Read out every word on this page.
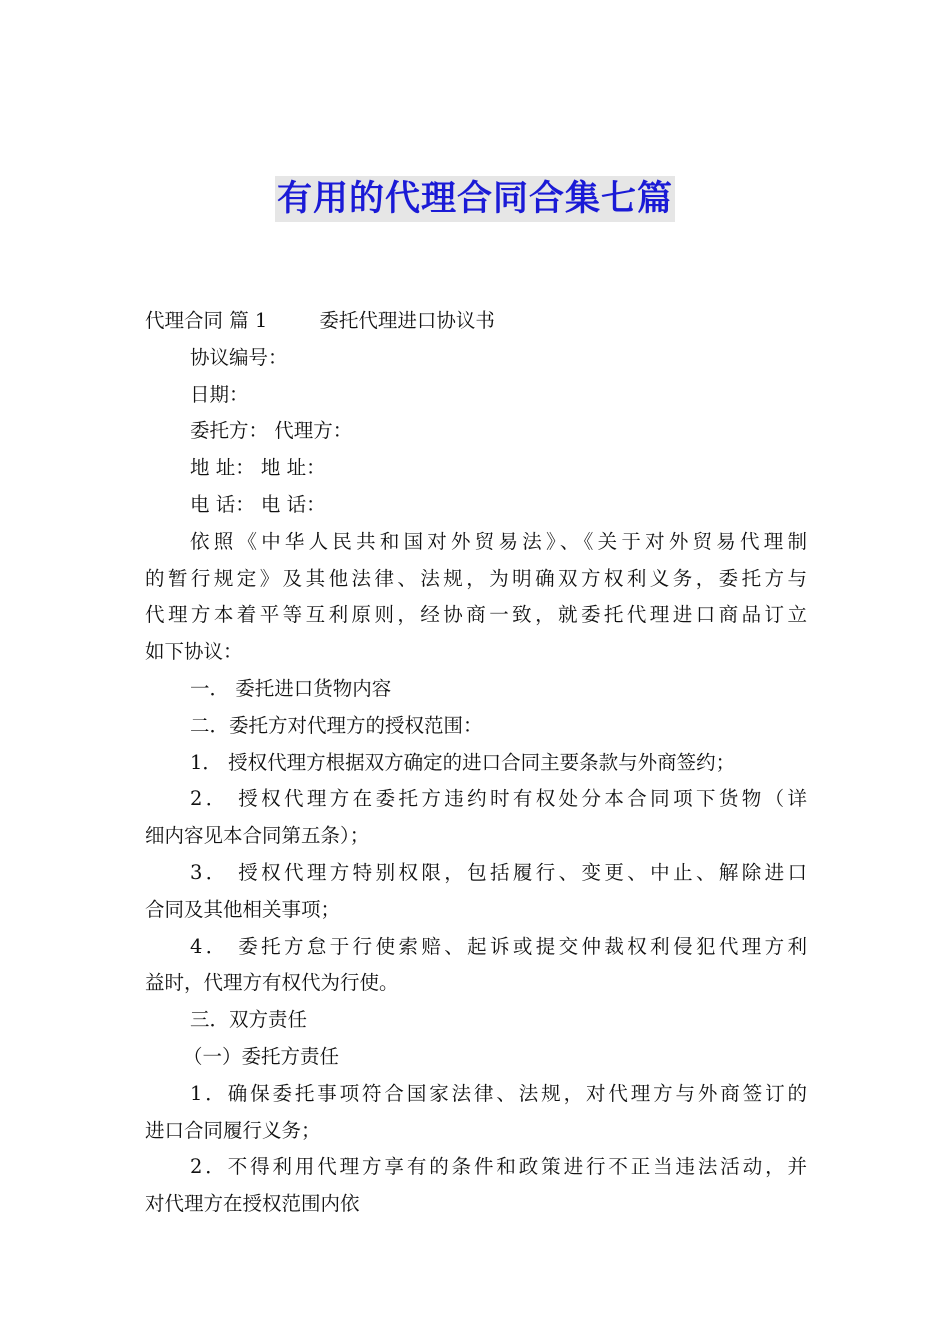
有用的代理合同合集七篇
代理合同 篇 1	委托代理进口协议书
协议编号：
日期：
委托方： 代理方：
地 址： 地 址：
电 话： 电 话：
依照《中华人民共和国对外贸易法》、《关于对外贸易代理制
的暂行规定》及其他法律、法规，为明确双方权利义务，委托方与
代理方本着平等互利原则，经协商一致，就委托代理进口商品订立
如下协议：
一． 委托进口货物内容
二．委托方对代理方的授权范围：
1． 授权代理方根据双方确定的进口合同主要条款与外商签约；
2． 授权代理方在委托方违约时有权处分本合同项下货物（详
细内容见本合同第五条）；
3． 授权代理方特别权限，包括履行、变更、中止、解除进口
合同及其他相关事项；
4． 委托方怠于行使索赔、起诉或提交仲裁权利侵犯代理方利
益时，代理方有权代为行使。
三．双方责任
（一）委托方责任
1．确保委托事项符合国家法律、法规，对代理方与外商签订的
进口合同履行义务；
2．不得利用代理方享有的条件和政策进行不正当违法活动，并
对代理方在授权范围内依
